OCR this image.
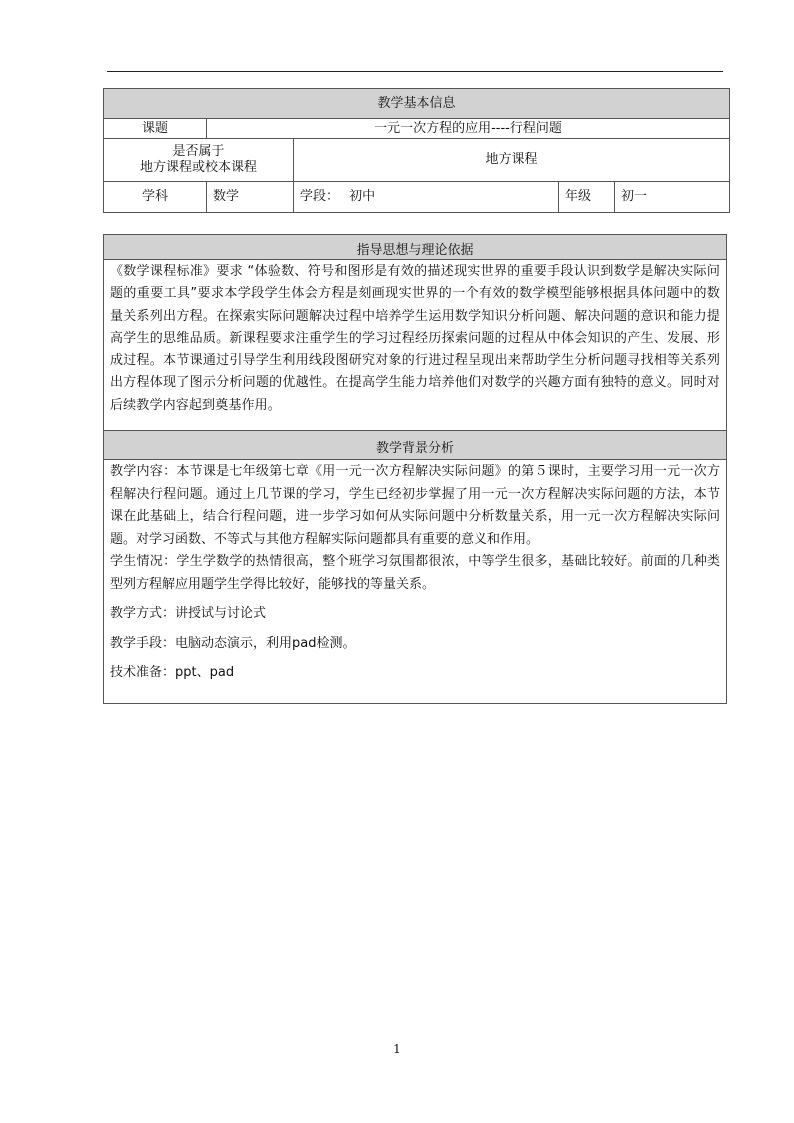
教学基本信息				
课题	一元一次方程的应用----行程问题			

是否属于
地方课程或校本课程		地方课程		
学科	数学	学段： 初中	年级	初一
指导思想与理论依据
《数学课程标准》要求 “体验数、符号和图形是有效的描述现实世界的重要手段认识到数学是解决实际问题的重要工具”要求本学段学生体会方程是刻画现实世界的一个有效的数学模型能够根据具体问题中的数量关系列出方程。在探索实际问题解决过程中培养学生运用数学知识分析问题、解决问题的意识和能力提高学生的思维品质。新课程要求注重学生的学习过程经历探索问题的过程从中体会知识的产生、发展、形成过程。本节课通过引导学生利用线段图研究对象的行进过程呈现出来帮助学生分析问题寻找相等关系列出方程体现了图示分析问题的优越性。在提高学生能力培养他们对数学的兴趣方面有独特的意义。同时对后续教学内容起到奠基作用。
教学背景分析

教学内容：本节课是七年级第七章《用一元一次方程解决实际问题》的第５课时，主要学习用一元一次方程解决行程问题。通过上几节课的学习，学生已经初步掌握了用一元一次方程解决实际问题的方法，本节课在此基础上，结合行程问题，进一步学习如何从实际问题中分析数量关系，用一元一次方程解决实际问题。对学习函数、不等式与其他方程解实际问题都具有重要的意义和作用。

学生情况：学生学数学的热情很高，整个班学习氛围都很浓，中等学生很多，基础比较好。前面的几种类型列方程解应用题学生学得比较好，能够找的等量关系。

教学方式：讲授试与讨论式

教学手段：电脑动态演示，利用pad检测。

技术准备：ppt、pad

1
